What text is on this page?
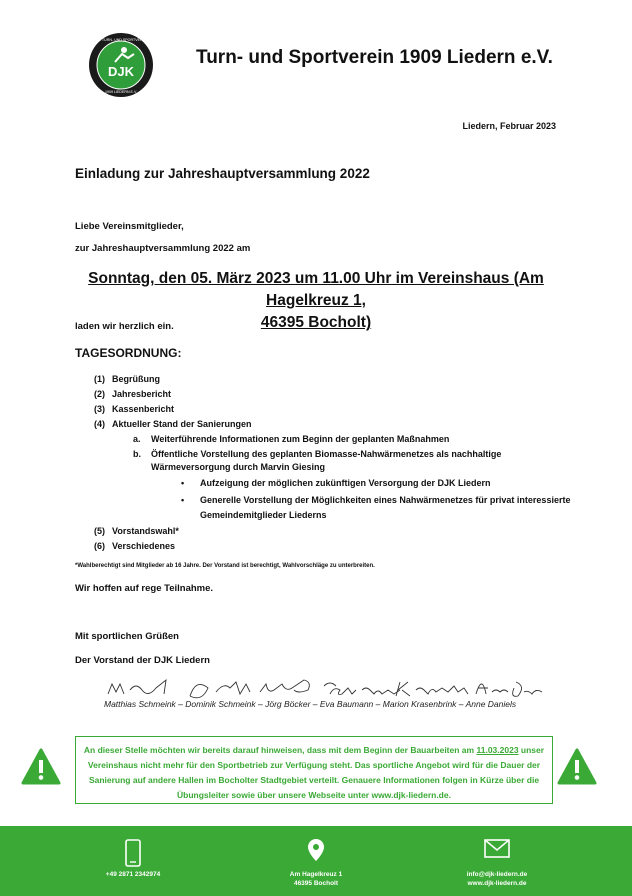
DJK
DER TURN- UND SPORTVEREIN
1909 LIEDERN E.V.
Turn- und Sportverein 1909 Liedern e.V.
Liedern, Februar 2023
Einladung zur Jahreshauptversammlung 2022
Liebe Vereinsmitglieder,
zur Jahreshauptversammlung 2022 am
Sonntag, den 05. März 2023 um 11.00 Uhr im Vereinshaus (Am Hagelkreuz 1,
46395 Bocholt)
laden wir herzlich ein.
TAGESORDNUNG:
(1) Begrüßung
(2) Jahresbericht
(3) Kassenbericht
(4) Aktueller Stand der Sanierungen
a. Weiterführende Informationen zum Beginn der geplanten Maßnahmen
b. Öffentliche Vorstellung des geplanten Biomasse-Nahwärmenetzes als nachhaltige
Wärmeversorgung durch Marvin Giesing
• Aufzeigung der möglichen zukünftigen Versorgung der DJK Liedern
• Generelle Vorstellung der Möglichkeiten eines Nahwärmenetzes für privat interessierte
Gemeindemitglieder Liederns
(5) Vorstandswahl*
(6) Verschiedenes
*Wahlberechtigt sind Mitglieder ab 16 Jahre. Der Vorstand ist berechtigt, Wahlvorschläge zu unterbreiten.
Wir hoffen auf rege Teilnahme.
Mit sportlichen Grüßen
Der Vorstand der DJK Liedern
Matthias Schmeink – Dominik Schmeink – Jörg Böcker – Eva Baumann – Marion Krasenbrink – Anne Daniels
An dieser Stelle möchten wir bereits darauf hinweisen, dass mit dem Beginn der Bauarbeiten am 11.03.2023 unser Vereinshaus nicht mehr für den Sportbetrieb zur Verfügung steht. Das sportliche Angebot wird für die Dauer der Sanierung auf andere Hallen im Bocholter Stadtgebiet verteilt. Genauere Informationen folgen in Kürze über die Übungsleiter sowie über unsere Webseite unter www.djk-liedern.de.
+49 2871 2342974	Am Hagelkreuz 1
46395 Bocholt
info@djk-liedern.de
www.djk-liedern.de
